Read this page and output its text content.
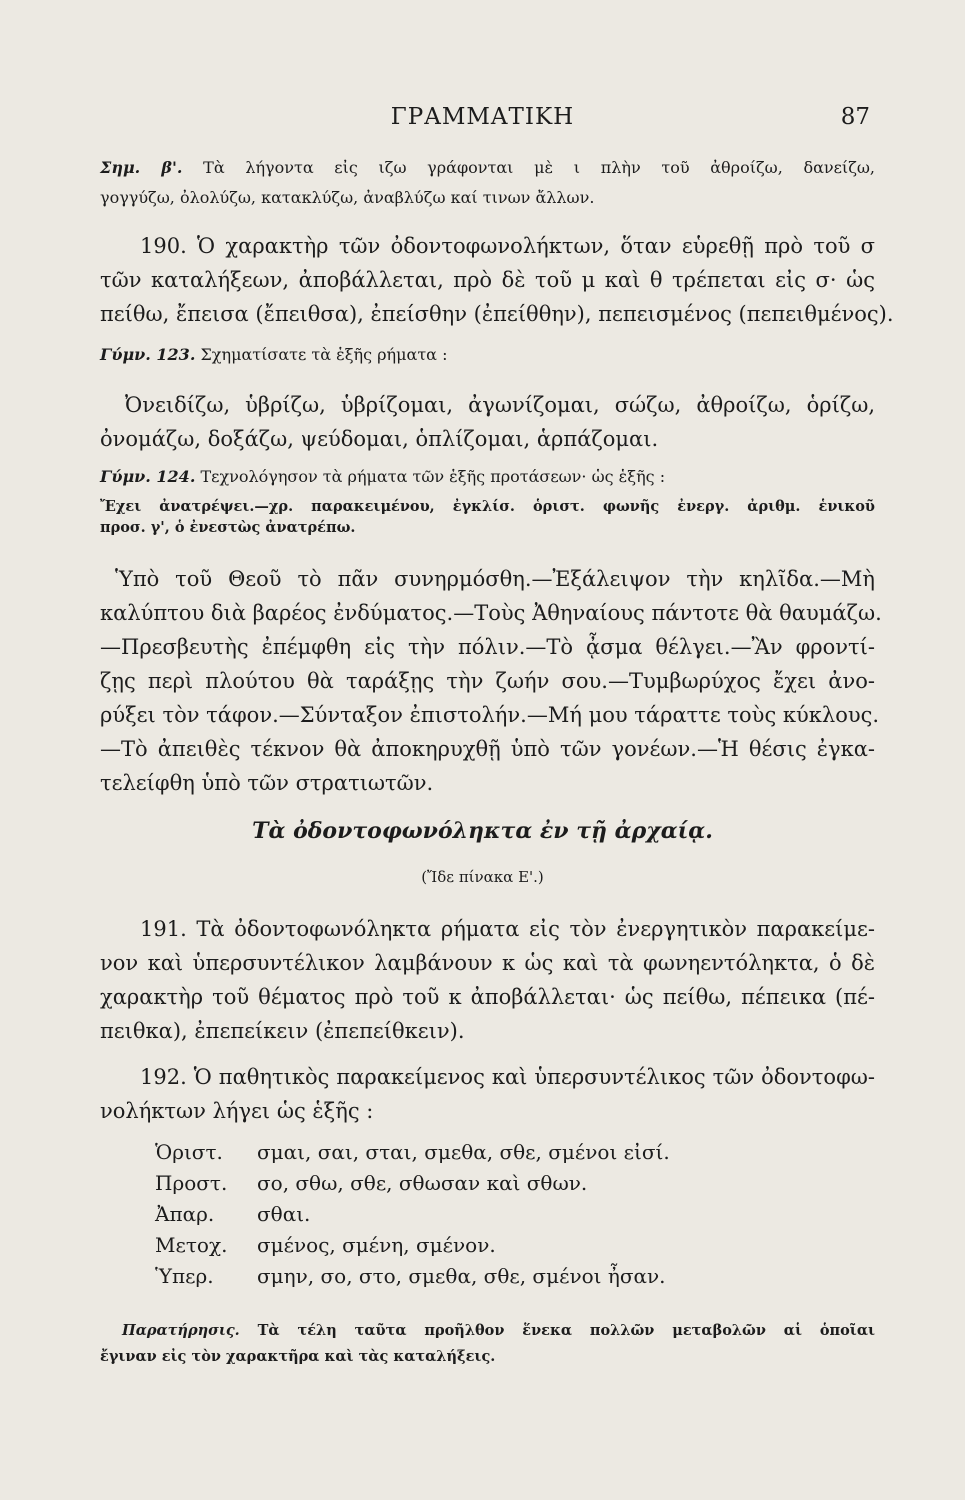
ΓΡΑΜΜΑΤΙΚΗ	87
Σημ. β'. Τὰ λήγοντα εἰς ιζω γράφονται μὲ ι πλὴν τοῦ ἀθροίζω, δανείζω,
γογγύζω, ὀλολύζω, κατακλύζω, ἀναβλύζω καί τινων ἄλλων.
190. Ὁ χαρακτὴρ τῶν ὀδοντοφωνολήκτων, ὅταν εὑρεθῇ πρὸ τοῦ σ
τῶν καταλήξεων, ἀποβάλλεται, πρὸ δὲ τοῦ μ καὶ θ τρέπεται εἰς σ· ὡς
πείθω, ἔπεισα (ἔπειθσα), ἐπείσθην (ἐπείθθην), πεπεισμένος (πεπειθμένος).
Γύμν. 123. Σχηματίσατε τὰ ἑξῆς ρήματα :
Ὀνειδίζω, ὑβρίζω, ὑβρίζομαι, ἀγωνίζομαι, σώζω, ἀθροίζω, ὁρίζω,
ὀνομάζω, δοξάζω, ψεύδομαι, ὁπλίζομαι, ἁρπάζομαι.
Γύμν. 124. Τεχνολόγησον τὰ ρήματα τῶν ἑξῆς προτάσεων· ὡς ἑξῆς :
Ἔχει ἀνατρέψει.—χρ. παρακειμένου, ἐγκλίσ. ὁριστ. φωνῆς ἐνεργ. ἀριθμ. ἑνικοῦ
προσ. γ', ὁ ἐνεστὼς ἀνατρέπω.
Ὑπὸ τοῦ Θεοῦ τὸ πᾶν συνηρμόσθη.—Ἐξάλειψον τὴν κηλῖδα.—Μὴ
καλύπτου διὰ βαρέος ἐνδύματος.—Τοὺς Ἀθηναίους πάντοτε θὰ θαυμάζω.
—Πρεσβευτὴς ἐπέμφθη εἰς τὴν πόλιν.—Τὸ ᾆσμα θέλγει.—Ἂν φροντί-
ζῃς περὶ πλούτου θὰ ταράξῃς τὴν ζωήν σου.—Τυμβωρύχος ἔχει ἀνο-
ρύξει τὸν τάφον.—Σύνταξον ἐπιστολήν.—Μή μου τάραττε τοὺς κύκλους.
—Τὸ ἀπειθὲς τέκνον θὰ ἀποκηρυχθῇ ὑπὸ τῶν γονέων.—Ἡ θέσις ἐγκα-
τελείφθη ὑπὸ τῶν στρατιωτῶν.
Τὰ ὀδοντοφωνόληκτα ἐν τῇ ἀρχαίᾳ.
(Ἴδε πίνακα Ε'.)
191. Τὰ ὀδοντοφωνόληκτα ρήματα εἰς τὸν ἐνεργητικὸν παρακείμε-
νον καὶ ὑπερσυντέλικον λαμβάνουν κ ὡς καὶ τὰ φωνηεντόληκτα, ὁ δὲ
χαρακτὴρ τοῦ θέματος πρὸ τοῦ κ ἀποβάλλεται· ὡς πείθω, πέπεικα (πέ-
πειθκα), ἐπεπείκειν (ἐπεπείθκειν).
192. Ὁ παθητικὸς παρακείμενος καὶ ὑπερσυντέλικος τῶν ὀδοντοφω-
νολήκτων λήγει ὡς ἑξῆς :
Ὁριστ.	σμαι, σαι, σται, σμεθα, σθε, σμένοι εἰσί.
Προστ.	σο, σθω, σθε, σθωσαν καὶ σθων.
Ἀπαρ.	σθαι.
Μετοχ.	σμένος, σμένη, σμένον.
Ὑπερ.	σμην, σο, στο, σμεθα, σθε, σμένοι ἦσαν.
Παρατήρησις. Τὰ τέλη ταῦτα προῆλθον ἕνεκα πολλῶν μεταβολῶν αἱ ὁποῖαι
ἔγιναν εἰς τὸν χαρακτῆρα καὶ τὰς καταλήξεις.
